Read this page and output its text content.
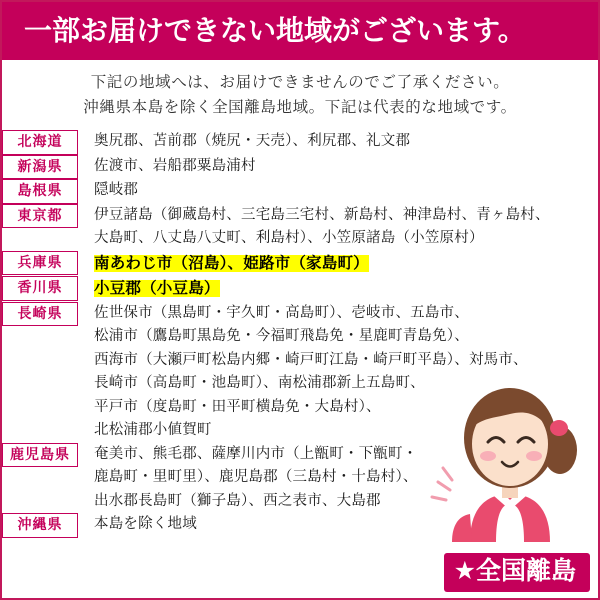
一部お届けできない地域がございます。
下記の地域へは、お届けできませんのでご了承ください。
沖縄県本島を除く全国離島地域。下記は代表的な地域です。
北海道	奥尻郡、苫前郡（焼尻・天売）、利尻郡、礼文郡

新潟県	佐渡市、岩船郡粟島浦村

島根県	隠岐郡

東京都	伊豆諸島（御蔵島村、三宅島三宅村、新島村、神津島村、青ヶ島村、
大島町、八丈島八丈町、利島村）、小笠原諸島（小笠原村）

兵庫県	南あわじ市（沼島）、姫路市（家島町）

香川県	小豆郡（小豆島）

長崎県	佐世保市（黒島町・宇久町・高島町）、壱岐市、五島市、
松浦市（鷹島町黒島免・今福町飛島免・星鹿町青島免）、
西海市（大瀬戸町松島内郷・崎戸町江島・崎戸町平島）、対馬市、
長崎市（高島町・池島町）、南松浦郡新上五島町、
平戸市（度島町・田平町横島免・大島村）、
北松浦郡小値賀町

鹿児島県	奄美市、熊毛郡、薩摩川内市（上甑町・下甑町・
鹿島町・里町里）、鹿児島郡（三島村・十島村）、
出水郡長島町（獅子島）、西之表市、大島郡

沖縄県	本島を除く地域
★全国離島
